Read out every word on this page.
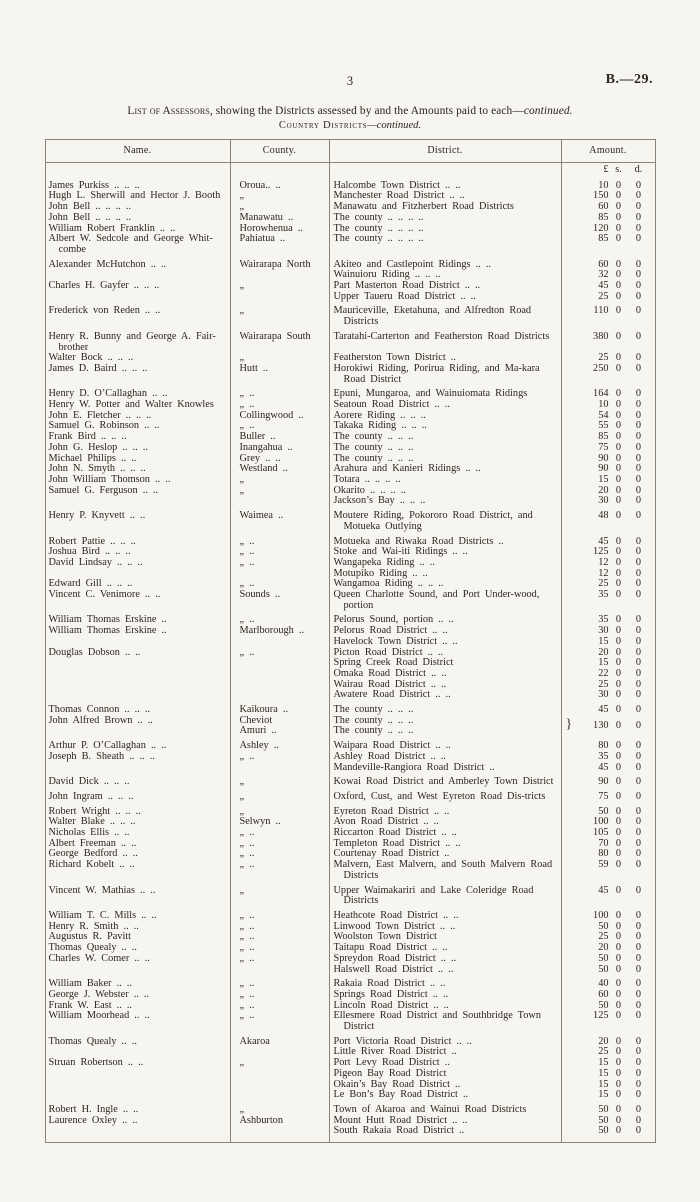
3	B.—29.
List of Assessors, showing the Districts assessed by and the Amounts paid to each—continued.
Country Districts—continued.
Name.	County.	District.	Amount.

			£ s. d.

James Purkiss .. .. ..	Oroua.. ..	Halcombe Town District .. ..	10 0 0

Hugh L. Sherwill and Hector J. Booth	„	Manchester Road District .. ..	150 0 0

John Bell .. .. .. ..	„	Manawatu and Fitzherbert Road Districts	60 0 0

John Bell .. .. .. ..	Manawatu ..	The county .. .. .. ..	85 0 0

William Robert Franklin .. ..	Horowhenua ..	The county .. .. .. ..	120 0 0

Albert W. Sedcole and George Whit-combe	Pahiatua ..	The county .. .. .. ..	85 0 0

Alexander McHutchon .. ..	Wairarapa North	Akiteo and Castlepoint Ridings .. ..	60 0 0

		Wainuioru Riding .. .. ..	32 0 0

Charles H. Gayfer .. .. ..	„	Part Masterton Road District .. ..	45 0 0

		Upper Taueru Road District .. ..	25 0 0

Frederick von Reden .. ..	„	Mauriceville, Eketahuna, and Alfredton Road Districts	110 0 0

Henry R. Bunny and George A. Fair-brother	Wairarapa South	Taratahi-Carterton and Featherston Road Districts	380 0 0

Walter Bock .. .. ..	„	Featherston Town District ..	25 0 0

James D. Baird .. .. ..	Hutt ..	Horokiwi Riding, Porirua Riding, and Ma-kara Road District	250 0 0

Henry D. O’Callaghan .. ..	„ ..	Epuni, Mungaroa, and Wainuiomata Ridings	164 0 0

Henry W. Potter and Walter Knowles	„ ..	Seatoun Road District .. ..	10 0 0

John E. Fletcher .. .. ..	Collingwood ..	Aorere Riding .. .. ..	54 0 0

Samuel G. Robinson .. ..	„ ..	Takaka Riding .. .. ..	55 0 0

Frank Bird .. .. ..	Buller ..	The county .. .. ..	85 0 0

John G. Heslop .. .. ..	Inangahua ..	The county .. .. ..	75 0 0

Michael Philips .. ..	Grey .. ..	The county .. .. ..	90 0 0

John N. Smyth .. .. ..	Westland ..	Arahura and Kanieri Ridings .. ..	90 0 0

John William Thomson .. ..	„	Totara .. .. .. ..	15 0 0

Samuel G. Ferguson .. ..	„	Okarito .. .. .. ..	20 0 0

		Jackson’s Bay .. .. ..	30 0 0

Henry P. Knyvett .. ..	Waimea ..	Moutere Riding, Pokororo Road District, and Motueka Outlying	48 0 0

Robert Pattie .. .. ..	„ ..	Motueka and Riwaka Road Districts ..	45 0 0

Joshua Bird .. .. ..	„ ..	Stoke and Wai-iti Ridings .. ..	125 0 0

David Lindsay .. .. ..	„ ..	Wangapeka Riding .. ..	12 0 0

		Motupiko Riding .. ..	12 0 0

Edward Gill .. .. ..	„ ..	Wangamoa Riding .. .. ..	25 0 0

Vincent C. Venimore .. ..	Sounds ..	Queen Charlotte Sound, and Port Under-wood, portion	35 0 0

William Thomas Erskine ..	„ ..	Pelorus Sound, portion .. ..	35 0 0

William Thomas Erskine ..	Marlborough ..	Pelorus Road District .. ..	30 0 0

		Havelock Town District .. ..	15 0 0

Douglas Dobson .. ..	„ ..	Picton Road District .. ..	20 0 0

		Spring Creek Road District	15 0 0

		Omaka Road District .. ..	22 0 0

		Wairau Road District .. ..	25 0 0

		Awatere Road District .. ..	30 0 0

Thomas Connon .. .. ..	Kaikoura ..	The county .. .. ..	45 0 0

John Alfred Brown .. ..	Cheviot	The county .. .. ..	} 130 0 0

	Amuri ..	The county .. .. ..	
Arthur P. O’Callaghan .. ..	Ashley ..	Waipara Road District .. ..	80 0 0

Joseph B. Sheath .. .. ..	„ ..	Ashley Road District .. ..	35 0 0

		Mandeville-Rangiora Road District ..	45 0 0

David Dick .. .. ..	„	Kowai Road District and Amberley Town District	90 0 0

John Ingram .. .. ..	„	Oxford, Cust, and West Eyreton Road Dis-tricts	75 0 0

Robert Wright .. .. ..	„	Eyreton Road District .. ..	50 0 0

Walter Blake .. .. ..	Selwyn ..	Avon Road District .. ..	100 0 0

Nicholas Ellis .. ..	„ ..	Riccarton Road District .. ..	105 0 0

Albert Freeman .. ..	„ ..	Templeton Road District .. ..	70 0 0

George Bedford .. ..	„ ..	Courtenay Road District ..	80 0 0

Richard Kobelt .. ..	„ ..	Malvern, East Malvern, and South Malvern Road Districts	59 0 0

Vincent W. Mathias .. ..	„	Upper Waimakariri and Lake Coleridge Road Districts	45 0 0

William T. C. Mills .. ..	„ ..	Heathcote Road District .. ..	100 0 0

Henry R. Smith .. ..	„ ..	Linwood Town District .. ..	50 0 0

Augustus R. Pavitt	„ ..	Woolston Town District	25 0 0

Thomas Quealy .. ..	„ ..	Taitapu Road District .. ..	20 0 0

Charles W. Comer .. ..	„ ..	Spreydon Road District .. ..	50 0 0

		Halswell Road District .. ..	50 0 0

William Baker .. ..	„ ..	Rakaia Road District .. ..	40 0 0

George J. Webster .. ..	„ ..	Springs Road District .. ..	60 0 0

Frank W. East .. ..	„ ..	Lincoln Road District .. ..	50 0 0

William Moorhead .. ..	„ ..	Ellesmere Road District and Southbridge Town District	125 0 0

Thomas Quealy .. ..	Akaroa	Port Victoria Road District .. ..	20 0 0

		Little River Road District ..	25 0 0

Struan Robertson .. ..	„	Port Levy Road District ..	15 0 0

		Pigeon Bay Road District	15 0 0

		Okain’s Bay Road District ..	15 0 0

		Le Bon’s Bay Road District ..	15 0 0

Robert H. Ingle .. ..	„	Town of Akaroa and Wainui Road Districts	50 0 0

Laurence Oxley .. ..	Ashburton	Mount Hutt Road District .. ..	50 0 0

		South Rakaia Road District ..	50 0 0
